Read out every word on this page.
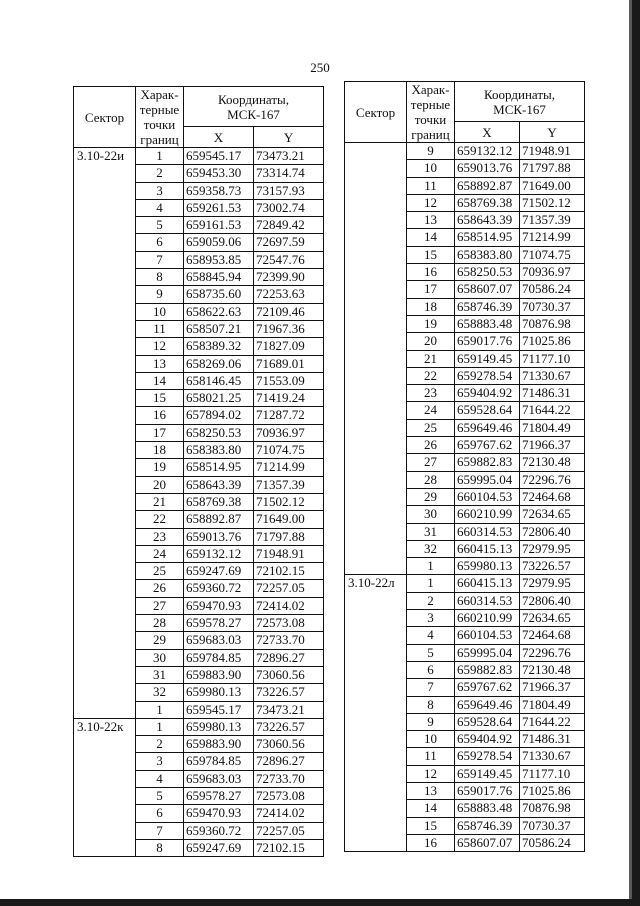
250
Сектор	Харак-
терные
точки
границ	Координаты,
МСК-167	
		X	Y
3.10-22и	1	659545.17	73473.21
	2	659453.30	73314.74
	3	659358.73	73157.93
	4	659261.53	73002.74
	5	659161.53	72849.42
	6	659059.06	72697.59
	7	658953.85	72547.76
	8	658845.94	72399.90
	9	658735.60	72253.63
	10	658622.63	72109.46
	11	658507.21	71967.36
	12	658389.32	71827.09
	13	658269.06	71689.01
	14	658146.45	71553.09
	15	658021.25	71419.24
	16	657894.02	71287.72
	17	658250.53	70936.97
	18	658383.80	71074.75
	19	658514.95	71214.99
	20	658643.39	71357.39
	21	658769.38	71502.12
	22	658892.87	71649.00
	23	659013.76	71797.88
	24	659132.12	71948.91
	25	659247.69	72102.15
	26	659360.72	72257.05
	27	659470.93	72414.02
	28	659578.27	72573.08
	29	659683.03	72733.70
	30	659784.85	72896.27
	31	659883.90	73060.56
	32	659980.13	73226.57
	1	659545.17	73473.21
3.10-22к	1	659980.13	73226.57
	2	659883.90	73060.56
	3	659784.85	72896.27
	4	659683.03	72733.70
	5	659578.27	72573.08
	6	659470.93	72414.02
	7	659360.72	72257.05
	8	659247.69	72102.15
Сектор	Харак-
терные
точки
границ	Координаты,
МСК-167	
		X	Y
	9	659132.12	71948.91
	10	659013.76	71797.88
	11	658892.87	71649.00
	12	658769.38	71502.12
	13	658643.39	71357.39
	14	658514.95	71214.99
	15	658383.80	71074.75
	16	658250.53	70936.97
	17	658607.07	70586.24
	18	658746.39	70730.37
	19	658883.48	70876.98
	20	659017.76	71025.86
	21	659149.45	71177.10
	22	659278.54	71330.67
	23	659404.92	71486.31
	24	659528.64	71644.22
	25	659649.46	71804.49
	26	659767.62	71966.37
	27	659882.83	72130.48
	28	659995.04	72296.76
	29	660104.53	72464.68
	30	660210.99	72634.65
	31	660314.53	72806.40
	32	660415.13	72979.95
	1	659980.13	73226.57
3.10-22л	1	660415.13	72979.95
	2	660314.53	72806.40
	3	660210.99	72634.65
	4	660104.53	72464.68
	5	659995.04	72296.76
	6	659882.83	72130.48
	7	659767.62	71966.37
	8	659649.46	71804.49
	9	659528.64	71644.22
	10	659404.92	71486.31
	11	659278.54	71330.67
	12	659149.45	71177.10
	13	659017.76	71025.86
	14	658883.48	70876.98
	15	658746.39	70730.37
	16	658607.07	70586.24
